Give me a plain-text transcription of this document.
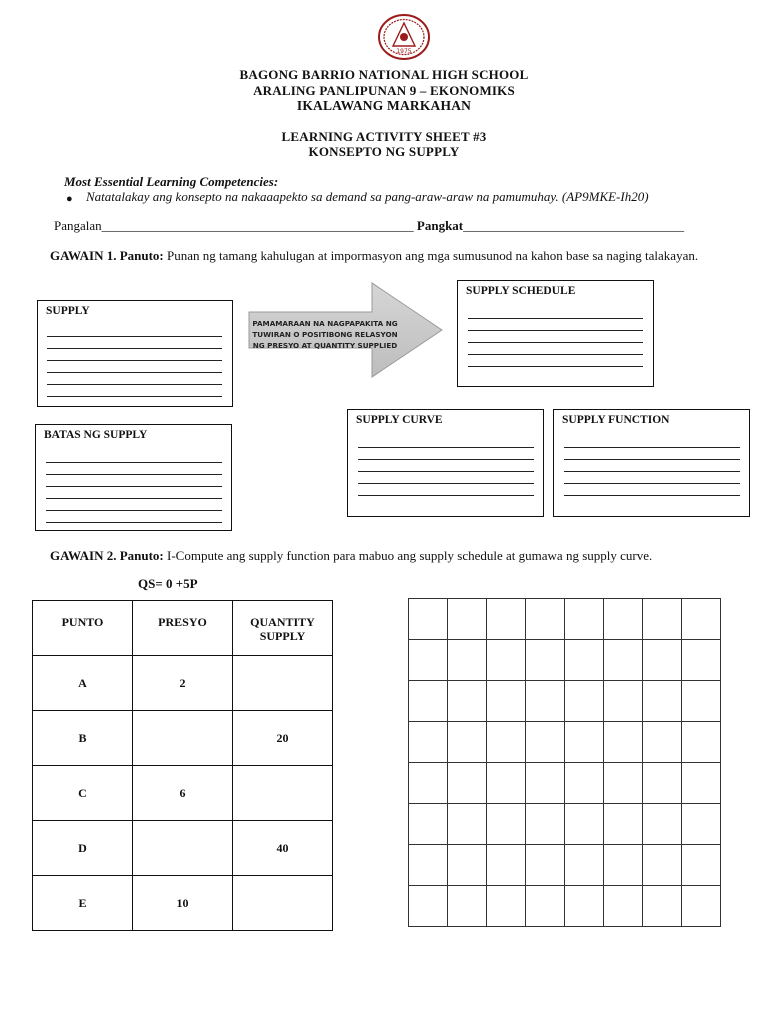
1975
BAGONG BARRIO NATIONAL HIGH SCHOOL
ARALING PANLIPUNAN 9 – EKONOMIKS
IKALAWANG MARKAHAN
LEARNING ACTIVITY SHEET #3
KONSEPTO NG SUPPLY
Most Essential Learning Competencies:
● Natatalakay ang konsepto na nakaaapekto sa demand sa pang-araw-araw na pamumuhay. (AP9MKE-Ih20)
Pangalan________________________________________________ Pangkat__________________________________
GAWAIN 1. Panuto: Punan ng tamang kahulugan at impormasyon ang mga sumusunod na kahon base sa naging talakayan.
SUPPLY
PAMAMARAAN NA NAGPAPAKITA NG TUWIRAN O POSITIBONG RELASYON NG PRESYO AT QUANTITY SUPPLIED
SUPPLY SCHEDULE
BATAS NG SUPPLY
SUPPLY CURVE	SUPPLY FUNCTION
GAWAIN 2. Panuto: I-Compute ang supply function para mabuo ang supply schedule at gumawa ng supply curve.
QS= 0 +5P
PUNTO	PRESYO	QUANTITY SUPPLY

A	2	

B		20

C	6	

D		40

E	10	
